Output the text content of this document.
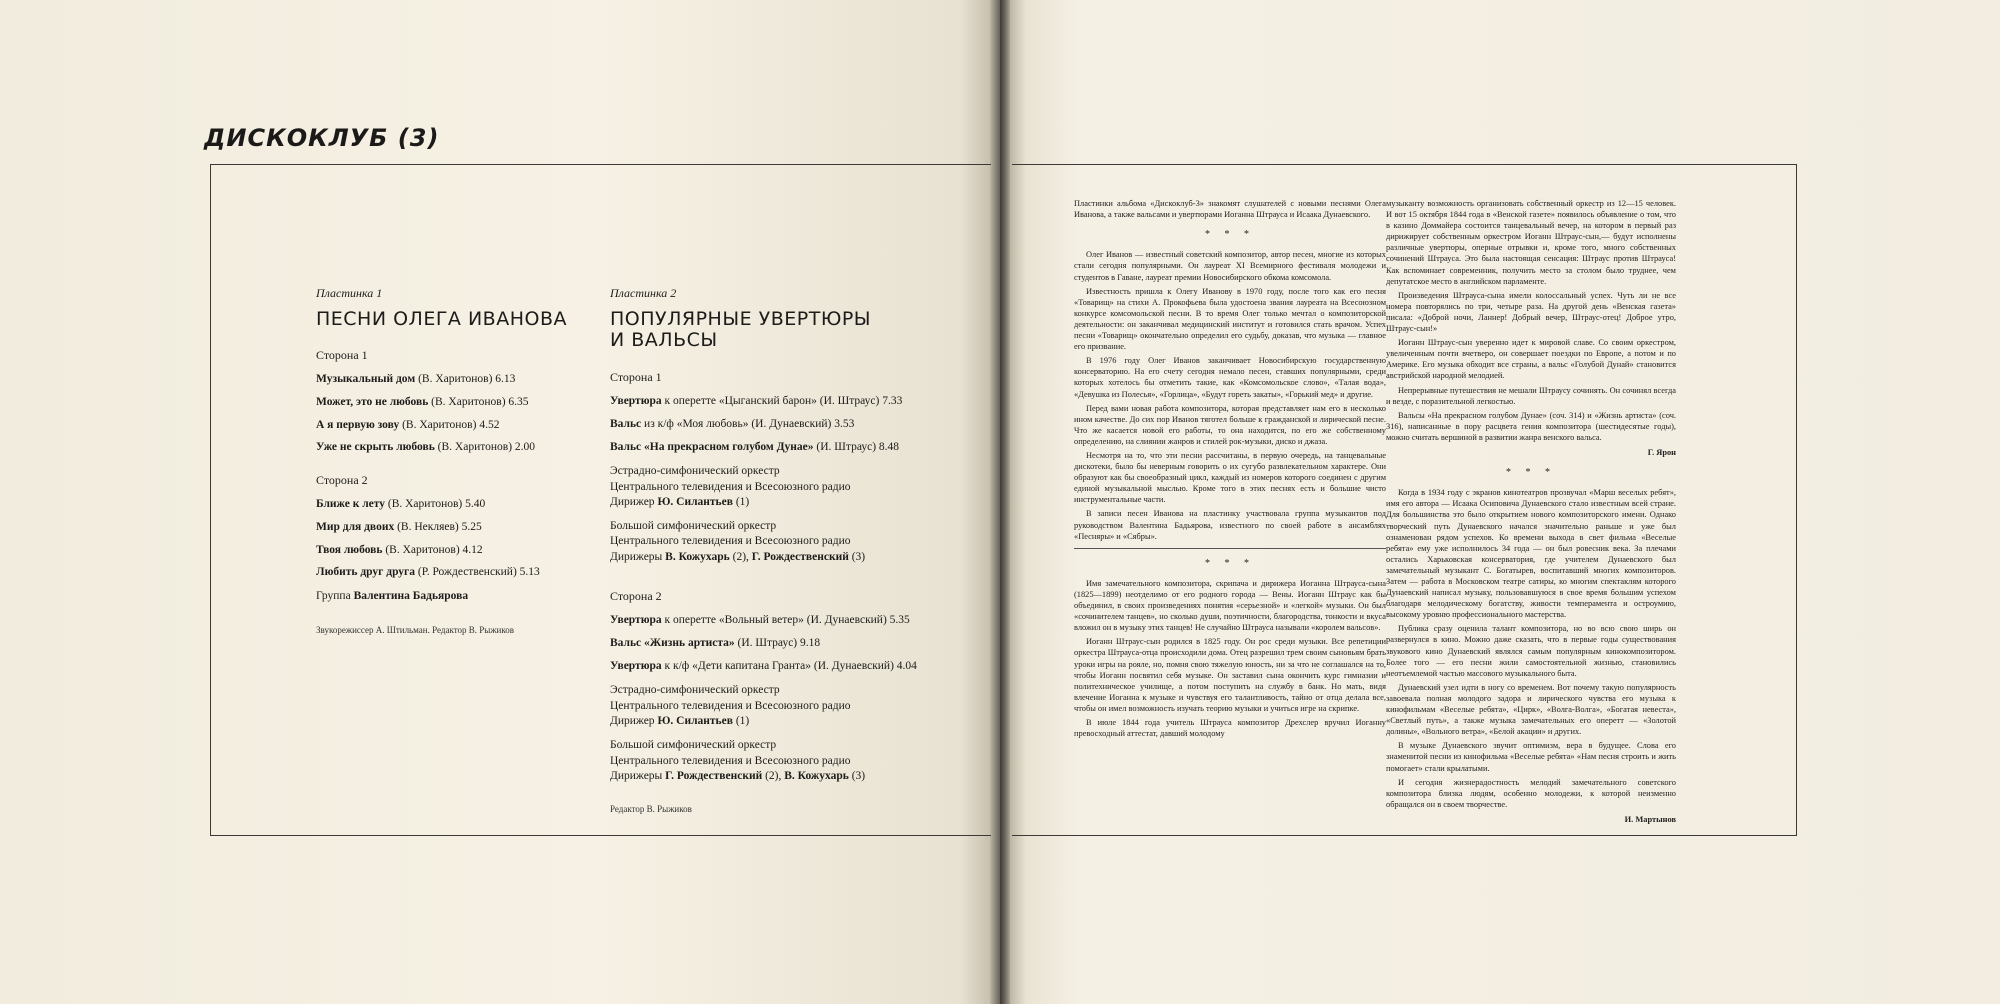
ДИСКОКЛУБ (3)
Пластинка 1
ПЕСНИ ОЛЕГА ИВАНОВА
Сторона 1
Музыкальный дом (В. Харитонов) 6.13
Может, это не любовь (В. Харитонов) 6.35
А я первую зову (В. Харитонов) 4.52
Уже не скрыть любовь (В. Харитонов) 2.00
Сторона 2
Ближе к лету (В. Харитонов) 5.40
Мир для двоих (В. Некляев) 5.25
Твоя любовь (В. Харитонов) 4.12
Любить друг друга (Р. Рождественский) 5.13
Группа Валентина Бадьярова
Звукорежиссер А. Штильман. Редактор В. Рыжиков
Пластинка 2
ПОПУЛЯРНЫЕ УВЕРТЮРЫ
И ВАЛЬСЫ
Сторона 1
Увертюра к оперетте «Цыганский барон» (И. Штраус) 7.33
Вальс из к/ф «Моя любовь» (И. Дунаевский) 3.53
Вальс «На прекрасном голубом Дунае» (И. Штраус) 8.48
Эстрадно-симфонический оркестр
Центрального телевидения и Всесоюзного радио
Дирижер Ю. Силантьев (1)
Большой симфонический оркестр
Центрального телевидения и Всесоюзного радио
Дирижеры В. Кожухарь (2), Г. Рождественский (3)
Сторона 2
Увертюра к оперетте «Вольный ветер» (И. Дунаевский) 5.35
Вальс «Жизнь артиста» (И. Штраус) 9.18
Увертюра к к/ф «Дети капитана Гранта» (И. Дунаевский) 4.04
Эстрадно-симфонический оркестр
Центрального телевидения и Всесоюзного радио
Дирижер Ю. Силантьев (1)
Большой симфонический оркестр
Центрального телевидения и Всесоюзного радио
Дирижеры Г. Рождественский (2), В. Кожухарь (3)
Редактор В. Рыжиков

Пластинки альбома «Дискоклуб-3» знакомят слушателей с новыми песнями Олега Иванова, а также вальсами и увертюрами Иоганна Штрауса и Исаака Дунаевского.

* * *

Олег Иванов — известный советский композитор, автор песен, многие из которых стали сегодня популярными. Он лауреат XI Всемирного фестиваля молодежи и студентов в Гаване, лауреат премии Новосибирского обкома комсомола.

Известность пришла к Олегу Иванову в 1970 году, после того как его песня «Товарищ» на стихи А. Прокофьева была удостоена звания лауреата на Всесоюзном конкурсе комсомольской песни. В то время Олег только мечтал о композиторской деятельности: он заканчивал медицинский институт и готовился стать врачом. Успех песни «Товарищ» окончательно определил его судьбу, доказав, что музыка — главное его призвание.

В 1976 году Олег Иванов заканчивает Новосибирскую государственную консерваторию. На его счету сегодня немало песен, ставших популярными, среди которых хотелось бы отметить такие, как «Комсомольское слово», «Талая вода», «Девушка из Полесья», «Горлица», «Будут гореть закаты», «Горький мед» и другие.

Перед вами новая работа композитора, которая представляет нам его в несколько ином качестве. До сих пор Иванов тяготел больше к гражданской и лирической песне. Что же касается новой его работы, то она находится, по его же собственному определению, на слиянии жанров и стилей рок-музыки, диско и джаза.

Несмотря на то, что эти песни рассчитаны, в первую очередь, на танцевальные дискотеки, было бы неверным говорить о их сугубо развлекательном характере. Они образуют как бы своеобразный цикл, каждый из номеров которого соединен с другим единой музыкальной мыслью. Кроме того в этих песнях есть и большие чисто инструментальные части.

В записи песен Иванова на пластинку участвовала группа музыкантов под руководством Валентина Бадьярова, известного по своей работе в ансамблях «Песняры» и «Сябры».

* * *

Имя замечательного композитора, скрипача и дирижера Иоганна Штрауса-сына (1825—1899) неотделимо от его родного города — Вены. Иоганн Штраус как бы объединил, в своих произведениях понятия «серьезной» и «легкой» музыки. Он был «сочинителем танцев», но сколько души, поэтичности, благородства, тонкости и вкуса вложил он в музыку этих танцев! Не случайно Штрауса называли «королем вальсов».

Иоганн Штраус-сын родился в 1825 году. Он рос среди музыки. Все репетиции оркестра Штрауса-отца происходили дома. Отец разрешил трем своим сыновьям брать уроки игры на рояле, но, помня свою тяжелую юность, ни за что не соглашался на то, чтобы Иоганн посвятил себя музыке. Он заставил сына окончить курс гимназии и политехническое училище, а потом поступить на службу в банк. Но мать, видя влечение Иоганна к музыке и чувствуя его талантливость, тайно от отца делала все, чтобы он имел возможность изучать теорию музыки и учиться игре на скрипке.

В июле 1844 года учитель Штрауса композитор Дрехслер вручил Иоганну превосходный аттестат, давший молодому

музыканту возможность организовать собственный оркестр из 12—15 человек. И вот 15 октября 1844 года в «Венской газете» появилось объявление о том, что в казино Доммайера состоится танцевальный вечер, на котором в первый раз дирижирует собственным оркестром Иоганн Штраус-сын,— будут исполнены различные увертюры, оперные отрывки и, кроме того, много собственных сочинений Штрауса. Это была настоящая сенсация: Штраус против Штрауса! Как вспоминает современник, получить место за столом было труднее, чем депутатское место в английском парламенте.

Произведения Штрауса-сына имели колоссальный успех. Чуть ли не все номера повторялись по три, четыре раза. На другой день «Венская газета» писала: «Доброй ночи, Ланнер! Добрый вечер, Штраус-отец! Доброе утро, Штраус-сын!»

Иоганн Штраус-сын уверенно идет к мировой славе. Со своим оркестром, увеличенным почти вчетверо, он совершает поездки по Европе, а потом и по Америке. Его музыка обходит все страны, а вальс «Голубой Дунай» становится австрийской народной мелодией.

Непрерывные путешествия не мешали Штраусу сочинять. Он сочинял всегда и везде, с поразительной легкостью.

Вальсы «На прекрасном голубом Дунае» (соч. 314) и «Жизнь артиста» (соч. 316), написанные в пору расцвета гения композитора (шестидесятые годы), можно считать вершиной в развитии жанра венского вальса.

Г. Ярон
* * *

Когда в 1934 году с экранов кинотеатров прозвучал «Марш веселых ребят», имя его автора — Исаака Осиповича Дунаевского стало известным всей стране. Для большинства это было открытием нового композиторского имени. Однако творческий путь Дунаевского начался значительно раньше и уже был ознаменован рядом успехов. Ко времени выхода в свет фильма «Веселые ребята» ему уже исполнилось 34 года — он был ровесник века. За плечами остались Харьковская консерватория, где учителем Дунаевского был замечательный музыкант С. Богатырев, воспитавший многих композиторов. Затем — работа в Московском театре сатиры, ко многим спектаклям которого Дунаевский написал музыку, пользовавшуюся в свое время большим успехом благодаря мелодическому богатству, живости темперамента и остроумию, высокому уровню профессионального мастерства.

Публика сразу оценила талант композитора, но во всю свою ширь он развернулся в кино. Можно даже сказать, что в первые годы существования звукового кино Дунаевский являлся самым популярным кинокомпозитором. Более того — его песни жили самостоятельной жизнью, становились неотъемлемой частью массового музыкального быта.

Дунаевский узел идти в ногу со временем. Вот почему такую популярность завоевала полная молодого задора и лирического чувства его музыка к кинофильмам «Веселые ребята», «Цирк», «Волга-Волга», «Богатая невеста», «Светлый путь», а также музыка замечательных его оперетт — «Золотой долины», «Вольного ветра», «Белой акации» и других.

В музыке Дунаевского звучит оптимизм, вера в будущее. Слова его знаменитой песни из кинофильма «Веселые ребята» «Нам песня строить и жить помогает» стали крылатыми.

И сегодня жизнерадостность мелодий замечательного советского композитора близка людям, особенно молодежи, к которой неизменно обращался он в своем творчестве.

И. Мартынов
